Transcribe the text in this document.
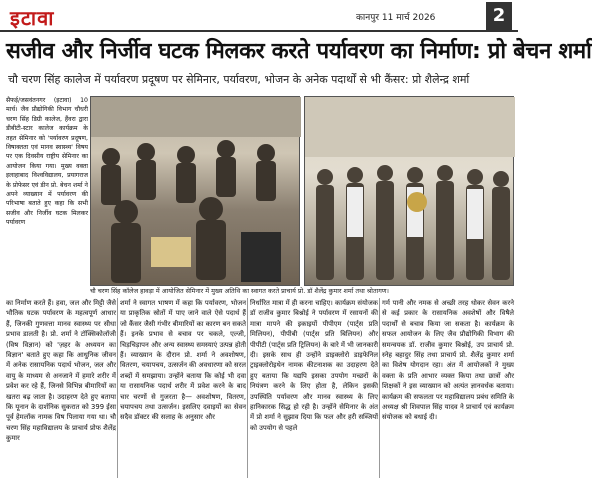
इटावा	कानपुर 11 मार्च 2026	2
सजीव और निर्जीव घटक मिलकर करते पर्यावरण का निर्माण: प्रो बेचन शर्मा
चौ चरण सिंह कालेज में पर्यावरण प्रदूषण पर सेमिनार, पर्यावरण, भोजन के अनेक पदार्थों से भी कैंसर: प्रो शैलेन्द्र शर्मा
सैफई/जसवंतनगर (इटावा) 10 मार्च। जैव प्रौद्योगिकी विभाग चौधरी चरण सिंह डिग्री कालेज, हैंवरा द्वारा डीबीटी-स्टार कालेज कार्यक्रम के तहत सेमिनार को 'पर्यावरण प्रदूषण, विषाक्तता एवं मानव स्वास्थ्य' विषय पर एक दिवसीय राष्ट्रीय सेमिनार का आयोजन किया गया। मुख्य वक्ता इलाहाबाद विश्वविद्यालय, प्रयागराज के प्रोफेसर एवं डीन प्रो. बेचन शर्मा ने अपने व्याख्यान में पर्यावरण की परिभाषा बताते हुए कहा कि सभी सजीव और निर्जीव घटक मिलकर पर्यावरण
चौ चरण सिंह कॉलेज हावड़ा में आयोजित सेमिनार में मुख्य अतिथि का स्वागत करते प्राचार्य प्रो. डॉ शैलेंद्र कुमार शर्मा तथा श्रोतागण।
का निर्माण करते हैं। हवा, जल और मिट्टी जैसे भौतिक घटक पर्यावरण के महत्वपूर्ण आधार हैं, जिनकी गुणवत्ता मानव स्वास्थ्य पर सीधा प्रभाव डालती है। प्रो. शर्मा ने टॉक्सिकोलॉजी (विष विज्ञान) को 'ज़हर के अध्ययन का विज्ञान' बताते हुए कहा कि आधुनिक जीवन में अनेक रासायनिक पदार्थ भोजन, जल और वायु के माध्यम से अनजाने में हमारे शरीर में प्रवेश कर रहे हैं, जिनसे विभिन्न बीमारियों का खतरा बढ़ जाता है। उदाहरण देते हुए बताया कि यूनान के दार्शनिक सुकरात को 399 ईसा पूर्व हेमलॉक नामक विष पिलाया गया था। चौ चरण सिंह महाविद्यालय के प्राचार्य प्रोफ शैलेंद्र कुमार
शर्मा ने स्वागत भाषण में कहा कि पर्यावरण, भोजन या प्राकृतिक स्रोतों में पाए जाने वाले ऐसे पदार्थ हैं जो कैंसर जैसी गंभीर बीमारियों का कारण बन सकते हैं। इनके प्रभाव से बचाव पर चकले, एल्जी, चिड़चिड़ापन और अन्य स्वास्थ्य समस्याएं उत्पन्न होती हैं। व्याख्यान के दौरान प्रो. शर्मा ने अवशोषण, वितरण, चयापचय, उत्सर्जन की अवधारणा को सरल शब्दों में समझाया। उन्होंने बताया कि कोई भी दवा या रासायनिक पदार्थ शरीर में प्रवेश करने के बाद चार चरणों से गुजरता है— अवशोषण, वितरण, चयापचय तथा उत्सर्जन। इसलिए दवाइयों का सेवन सदैव डॉक्टर की सलाह के अनुसार और
निर्धारित मात्रा में ही करना चाहिए। कार्यक्रम संयोजक डॉ राजीव कुमार बिश्नोई ने पर्यावरण में रसायनों की मात्रा मापने की इकाइयों पीपीएम (पार्ट्स प्रति मिलियन), पीपीबी (पार्ट्स प्रति बिलियन) और पीपीटी (पार्ट्स प्रति ट्रिलियन) के बारे में भी जानकारी दी। इसके साथ ही उन्होंने डाइक्लोरो डाइफेनिल ट्राइक्लोरोइथेन नामक कीटनाशक का उदाहरण देते हुए बताया कि यद्यपि इसका उपयोग मच्छरों के नियंत्रण करने के लिए होता है, लेकिन इसकी उपस्थिति पर्यावरण और मानव स्वास्थ्य के लिए हानिकारक सिद्ध हो रही है। उन्होंने सेमिनार के अंत में प्रो शर्मा ने सुझाव दिया कि फल और हरी सब्जियों को उपयोग से पहले
गर्म पानी और नमक से अच्छी तरह धोकर सेवन करने से कई प्रकार के रासायनिक अवशेषों और विषैले पदार्थों से बचाव किया जा सकता है। कार्यक्रम के सफल आयोजन के लिए जैव प्रौद्योगिकी विभाग की समन्वयक डॉ. राजीव कुमार बिश्नोई, उप प्राचार्य प्रो. स्नेह बहादुर सिंह तथा प्राचार्य प्रो. शैलेंद्र कुमार शर्मा का विशेष योगदान रहा। अंत में आयोजकों ने मुख्य वक्ता के प्रति आभार व्यक्त किया तथा छात्रों और शिक्षकों ने इस व्याख्यान को अत्यंत ज्ञानवर्धक बताया। कार्यक्रम की सफलता पर महाविद्यालय प्रबंध समिति के अध्यक्ष श्री शिवपाल सिंह यादव ने प्राचार्य एवं कार्यक्रम संयोजक को बधाई दी।
